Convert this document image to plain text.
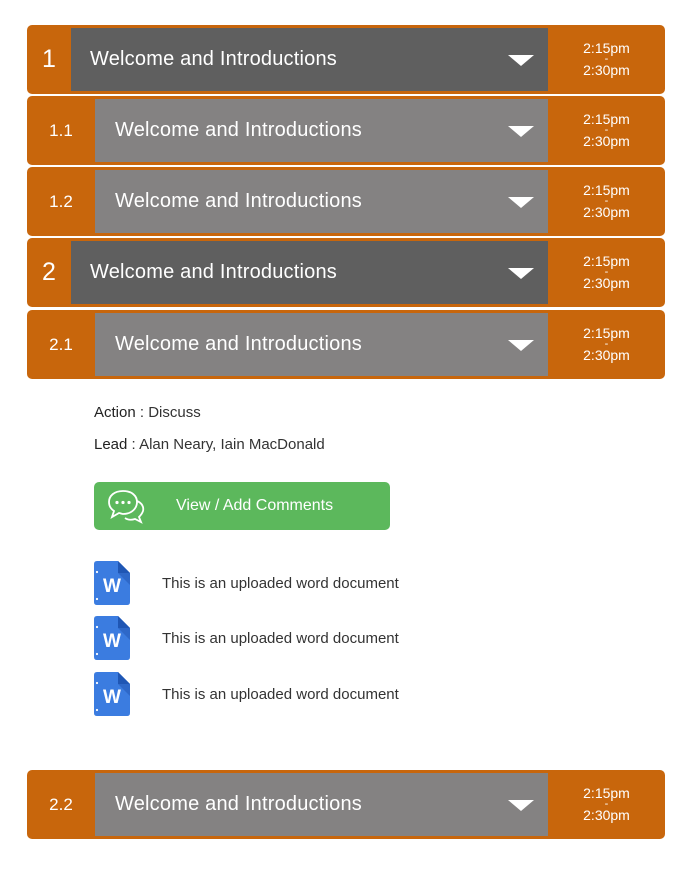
1	Welcome and Introductions	2:15pm
-
2:30pm
1.1	Welcome and Introductions	2:15pm
-
2:30pm
1.2	Welcome and Introductions	2:15pm
-
2:30pm
2	Welcome and Introductions	2:15pm
-
2:30pm
2.1	Welcome and Introductions	2:15pm
-
2:30pm
Action : Discuss
Lead : Alan Neary, Iain MacDonald
View / Add Comments
W	This is an uploaded word document
W	This is an uploaded word document
W	This is an uploaded word document
2.2	Welcome and Introductions	2:15pm
-
2:30pm
